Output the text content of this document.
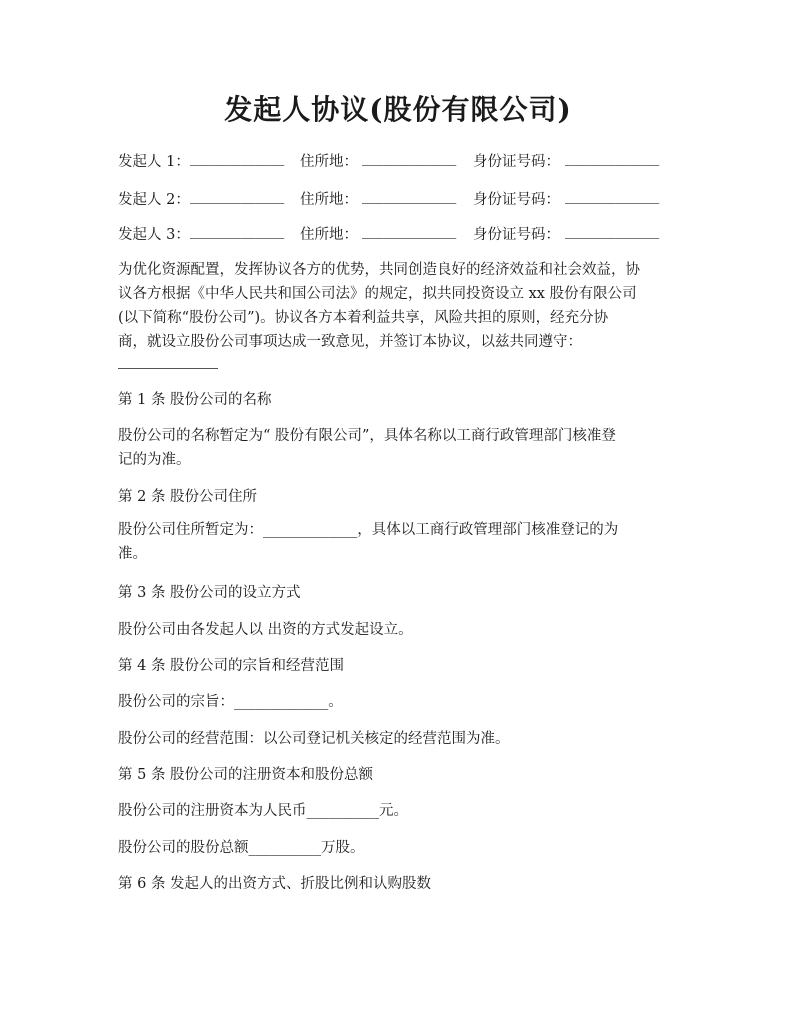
发起人协议(股份有限公司)
发起人 1： _____________ 住所地： _____________ 身份证号码： _____________
发起人 2： _____________ 住所地： _____________ 身份证号码： _____________
发起人 3： _____________ 住所地： _____________ 身份证号码： _____________
为优化资源配置，发挥协议各方的优势，共同创造良好的经济效益和社会效益，协
议各方根据《中华人民共和国公司法》的规定，拟共同投资设立 xx 股份有限公司
(以下简称“股份公司”)。协议各方本着利益共享，风险共担的原则，经充分协
商，就设立股份公司事项达成一致意见，并签订本协议，以兹共同遵守：
第 1 条 股份公司的名称
股份公司的名称暂定为“ 股份有限公司”，具体名称以工商行政管理部门核准登
记的为准。
第 2 条 股份公司住所
股份公司住所暂定为：_____________，具体以工商行政管理部门核准登记的为
准。
第 3 条 股份公司的设立方式
股份公司由各发起人以 出资的方式发起设立。
第 4 条 股份公司的宗旨和经营范围
股份公司的宗旨：_____________。
股份公司的经营范围：以公司登记机关核定的经营范围为准。
第 5 条 股份公司的注册资本和股份总额
股份公司的注册资本为人民币__________元。
股份公司的股份总额__________万股。
第 6 条 发起人的出资方式、折股比例和认购股数
